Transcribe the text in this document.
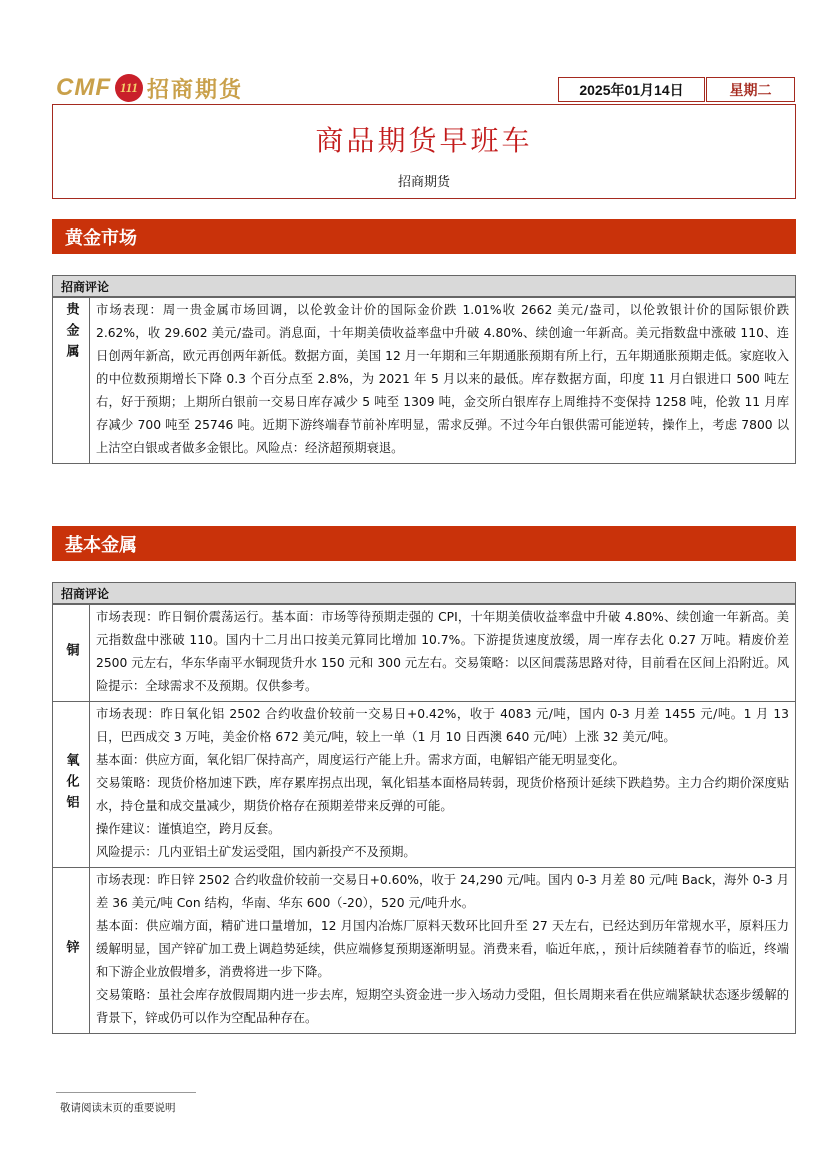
CMF 111 招商期货	2025年01月14日	星期二
商品期货早班车
招商期货
黄金市场
招商评论
贵金属 市场表现：周一贵金属市场回调，以伦敦金计价的国际金价跌 1.01%收 2662 美元/盎司，以伦敦银计价的国际银价跌 2.62%，收 29.602 美元/盎司。消息面，十年期美债收益率盘中升破 4.80%、续创逾一年新高。美元指数盘中涨破 110、连日创两年新高，欧元再创两年新低。数据方面，美国 12 月一年期和三年期通胀预期有所上行，五年期通胀预期走低。家庭收入的中位数预期增长下降 0.3 个百分点至 2.8%，为 2021 年 5 月以来的最低。库存数据方面，印度 11 月白银进口 500 吨左右，好于预期；上期所白银前一交易日库存减少 5 吨至 1309 吨，金交所白银库存上周维持不变保持 1258 吨，伦敦 11 月库存减少 700 吨至 25746 吨。近期下游终端春节前补库明显，需求反弹。不过今年白银供需可能逆转，操作上，考虑 7800 以上沽空白银或者做多金银比。风险点：经济超预期衰退。

基本金属
招商评论
铜

市场表现：昨日铜价震荡运行。基本面：市场等待预期走强的 CPI，十年期美债收益率盘中升破 4.80%、续创逾一年新高。美元指数盘中涨破 110。国内十二月出口按美元算同比增加 10.7%。下游提货速度放缓，周一库存去化 0.27 万吨。精废价差 2500 元左右，华东华南平水铜现货升水 150 元和 300 元左右。交易策略：以区间震荡思路对待，目前看在区间上沿附近。风险提示：全球需求不及预期。仅供参考。

氧化铝

市场表现：昨日氧化铝 2502 合约收盘价较前一交易日+0.42%，收于 4083 元/吨，国内 0-3 月差 1455 元/吨。1 月 13 日，巴西成交 3 万吨，美金价格 672 美元/吨，较上一单（1 月 10 日西澳 640 元/吨）上涨 32 美元/吨。

基本面：供应方面，氧化铝厂保持高产，周度运行产能上升。需求方面，电解铝产能无明显变化。

交易策略：现货价格加速下跌，库存累库拐点出现，氧化铝基本面格局转弱，现货价格预计延续下跌趋势。主力合约期价深度贴水，持仓量和成交量减少，期货价格存在预期差带来反弹的可能。

操作建议：谨慎追空，跨月反套。

风险提示：几内亚铝土矿发运受阻，国内新投产不及预期。

锌

市场表现：昨日锌 2502 合约收盘价较前一交易日+0.60%，收于 24,290 元/吨。国内 0-3 月差 80 元/吨 Back，海外 0-3 月差 36 美元/吨 Con 结构，华南、华东 600（-20），520 元/吨升水。

基本面：供应端方面，精矿进口量增加，12 月国内冶炼厂原料天数环比回升至 27 天左右，已经达到历年常规水平，原料压力缓解明显，国产锌矿加工费上调趋势延续，供应端修复预期逐渐明显。消费来看，临近年底，，预计后续随着春节的临近，终端和下游企业放假增多，消费将进一步下降。

交易策略：虽社会库存放假周期内进一步去库，短期空头资金进一步入场动力受阻，但长周期来看在供应端紧缺状态逐步缓解的背景下，锌或仍可以作为空配品种存在。

敬请阅读末页的重要说明
